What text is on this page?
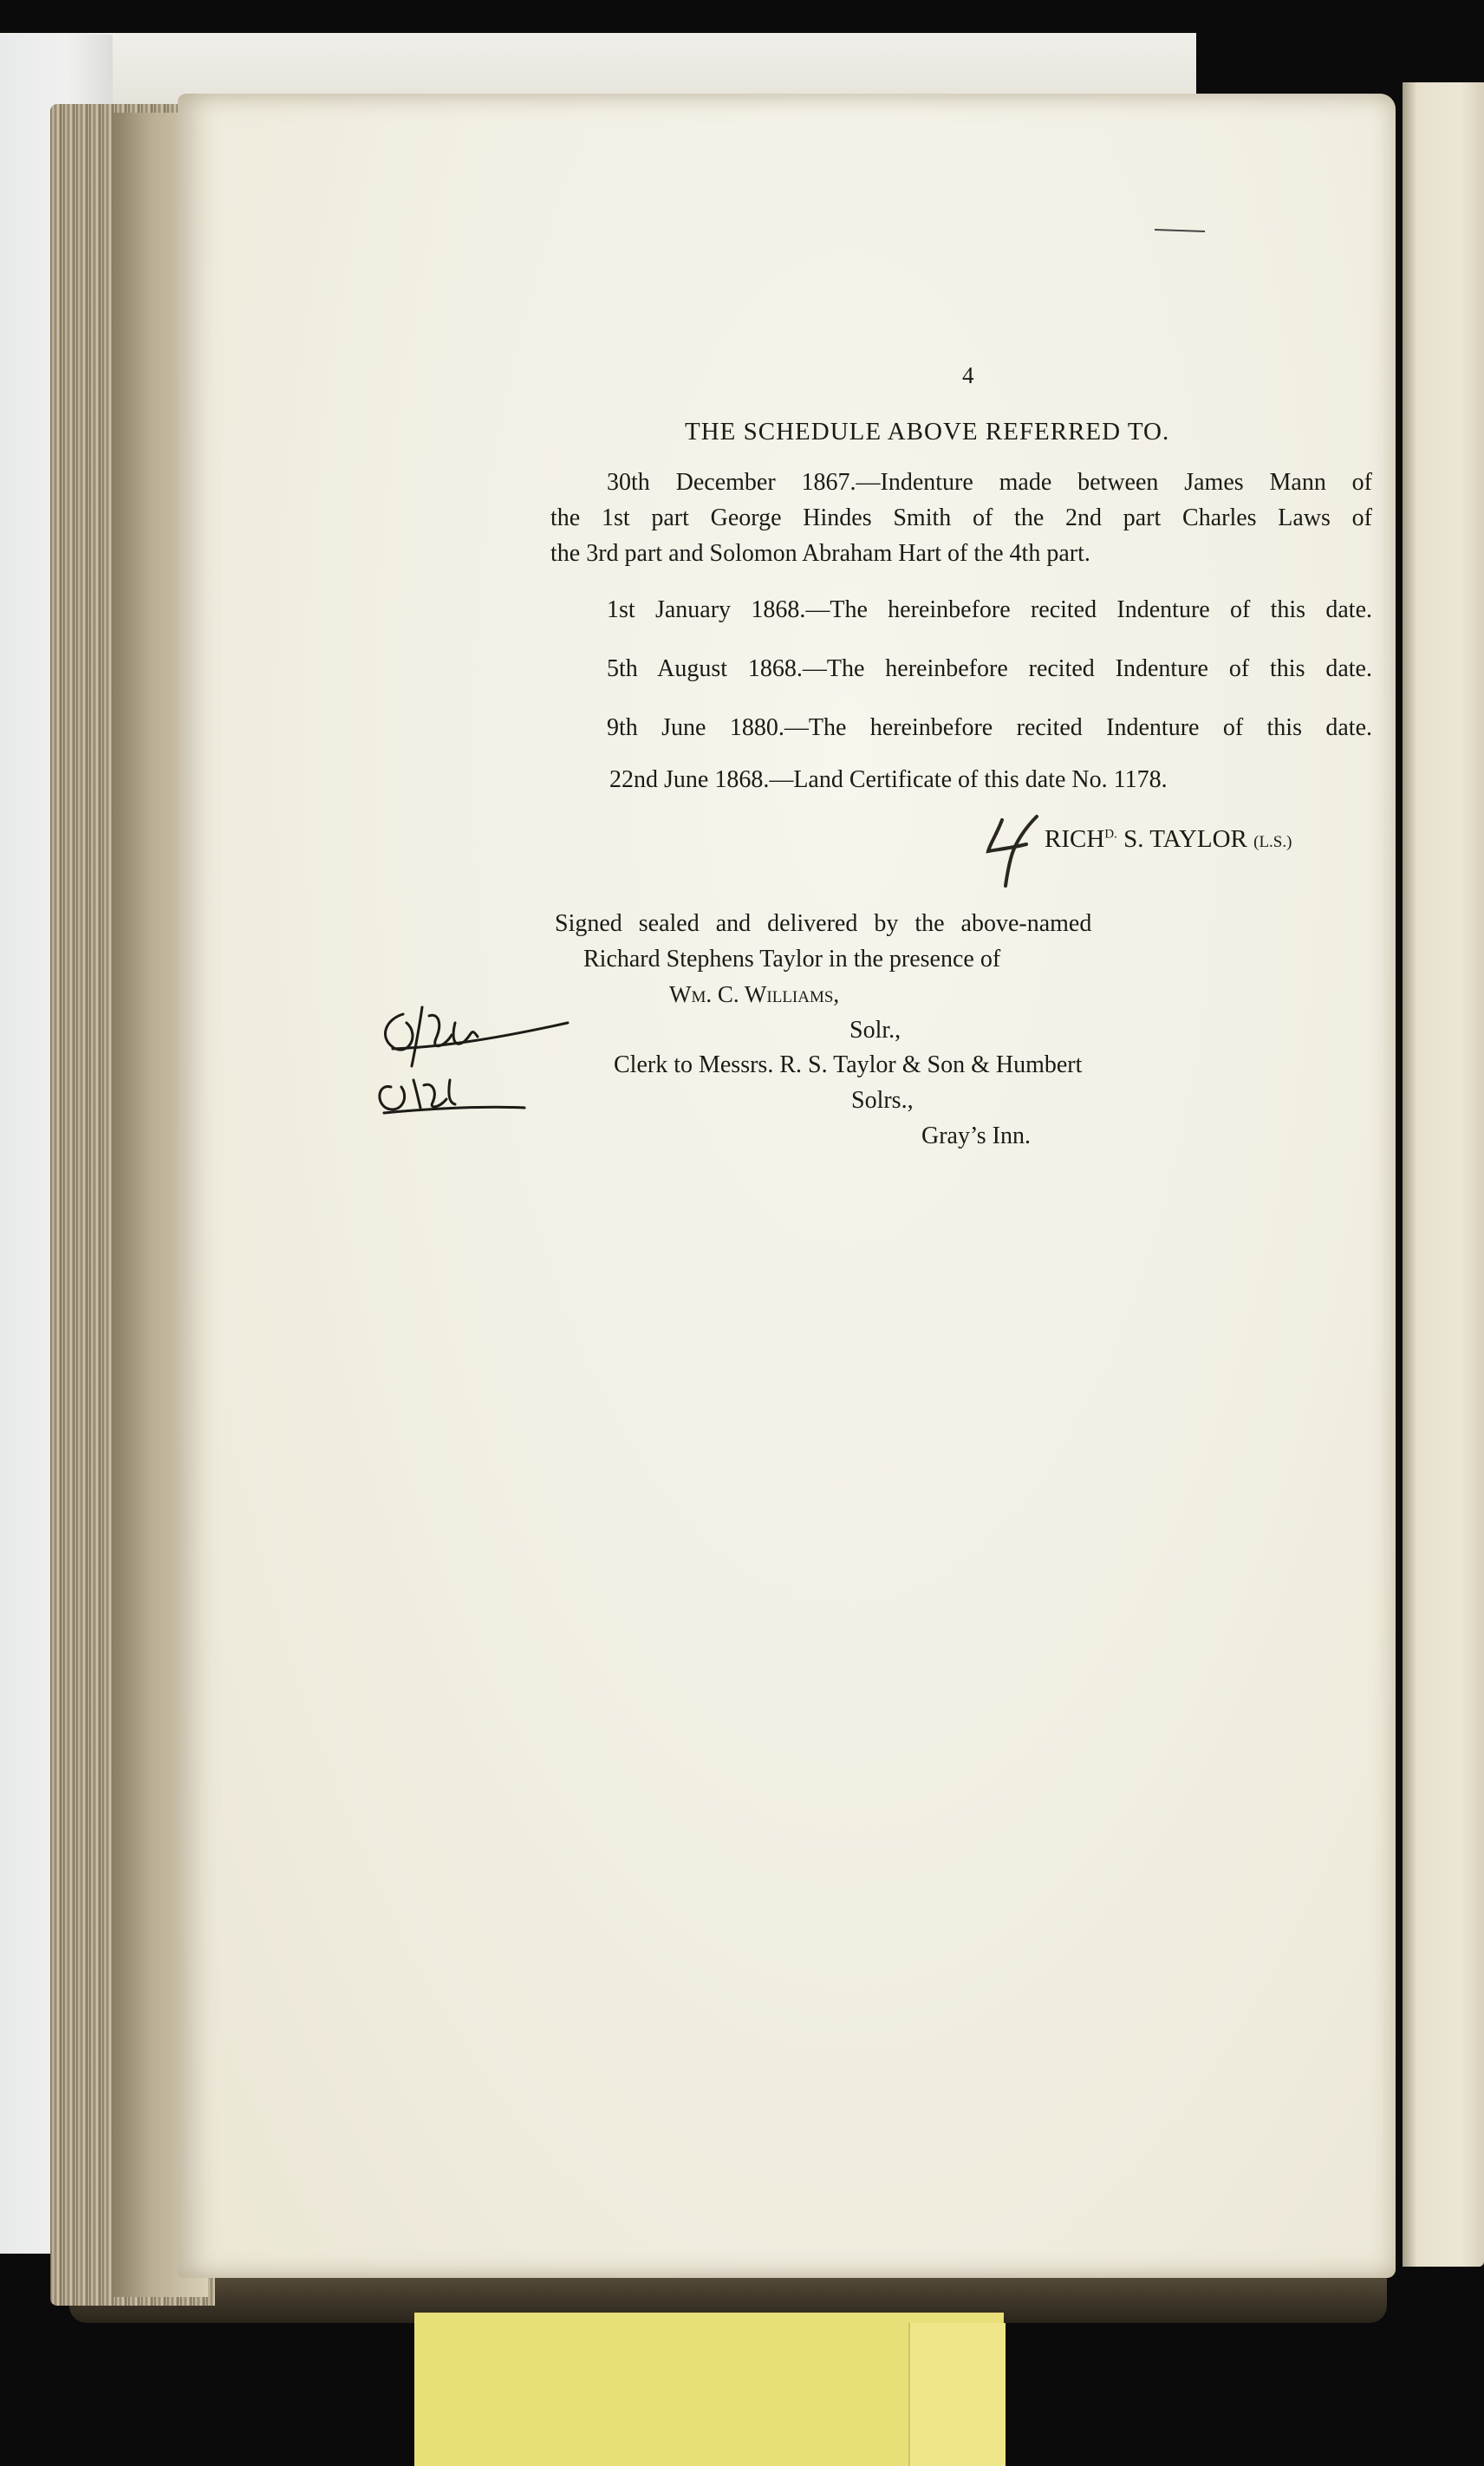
4
THE SCHEDULE ABOVE REFERRED TO.
30th December 1867.—Indenture made between James Mann of
the 1st part George Hindes Smith of the 2nd part Charles Laws of
the 3rd part and Solomon Abraham Hart of the 4th part.
1st January 1868.—The hereinbefore recited Indenture of this date.
5th August 1868.—The hereinbefore recited Indenture of this date.
9th June 1880.—The hereinbefore recited Indenture of this date.
22nd June 1868.—Land Certificate of this date No. 1178.
$RICH^{D.}$ S. TAYLOR (L.S.)
Signed sealed and delivered by the above-named
Richard Stephens Taylor in the presence of
Wm. C. Williams,
Solr.,
Clerk to Messrs. R. S. Taylor & Son & Humbert
Solrs.,
Gray’s Inn.
